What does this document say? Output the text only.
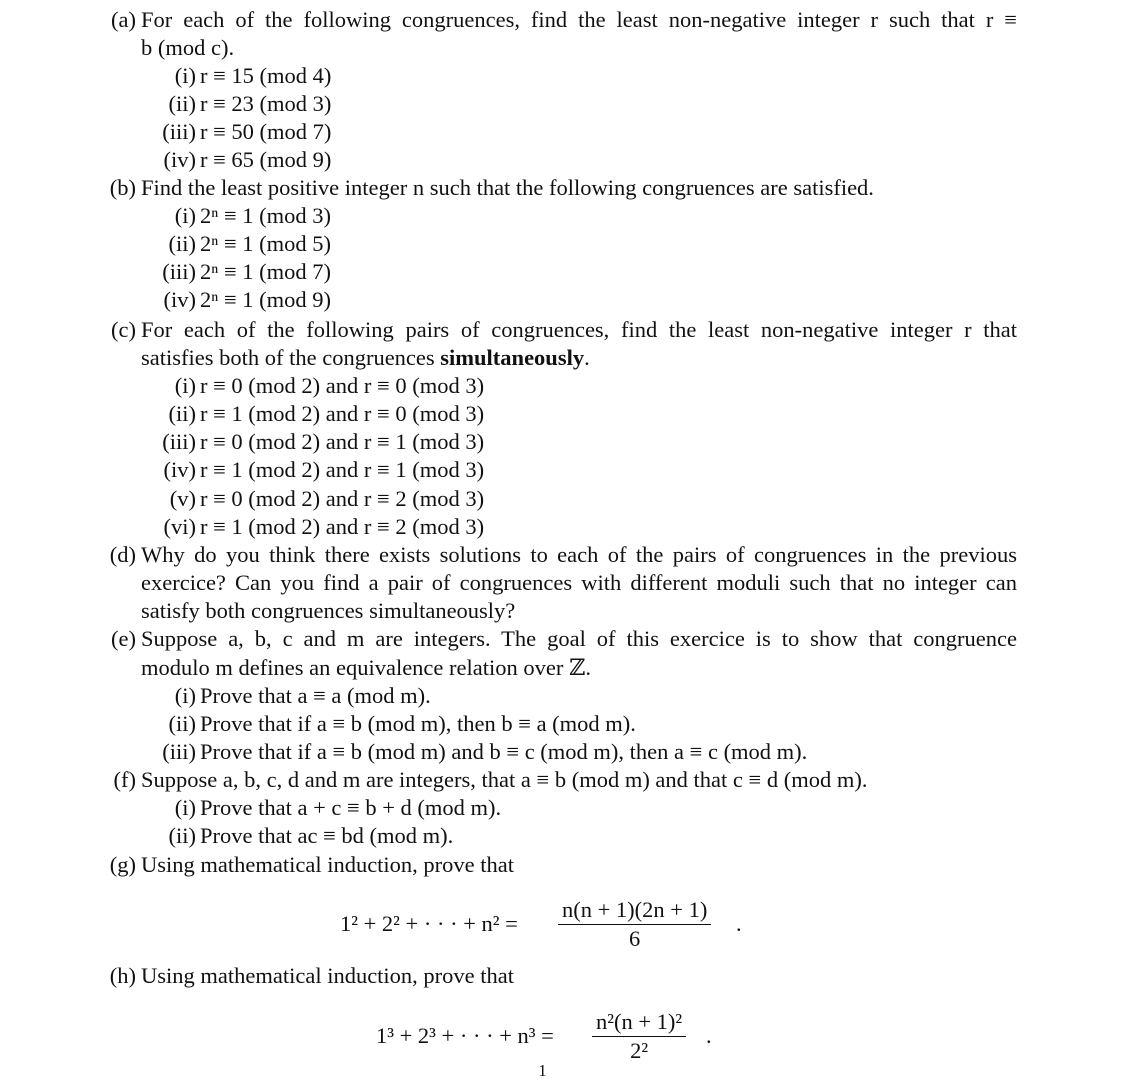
(a) For each of the following congruences, find the least non-negative integer r such that r ≡
b (mod c).
(i) r ≡ 15 (mod 4)
(ii) r ≡ 23 (mod 3)
(iii) r ≡ 50 (mod 7)
(iv) r ≡ 65 (mod 9)
(b) Find the least positive integer n such that the following congruences are satisfied.
(i) 2ⁿ ≡ 1 (mod 3)
(ii) 2ⁿ ≡ 1 (mod 5)
(iii) 2ⁿ ≡ 1 (mod 7)
(iv) 2ⁿ ≡ 1 (mod 9)
(c) For each of the following pairs of congruences, find the least non-negative integer r that
satisfies both of the congruences simultaneously.
(i) r ≡ 0 (mod 2) and r ≡ 0 (mod 3)
(ii) r ≡ 1 (mod 2) and r ≡ 0 (mod 3)
(iii) r ≡ 0 (mod 2) and r ≡ 1 (mod 3)
(iv) r ≡ 1 (mod 2) and r ≡ 1 (mod 3)
(v) r ≡ 0 (mod 2) and r ≡ 2 (mod 3)
(vi) r ≡ 1 (mod 2) and r ≡ 2 (mod 3)
(d) Why do you think there exists solutions to each of the pairs of congruences in the previous
exercice? Can you find a pair of congruences with different moduli such that no integer can
satisfy both congruences simultaneously?
(e) Suppose a, b, c and m are integers. The goal of this exercice is to show that congruence
modulo m defines an equivalence relation over ℤ.
(i) Prove that a ≡ a (mod m).
(ii) Prove that if a ≡ b (mod m), then b ≡ a (mod m).
(iii) Prove that if a ≡ b (mod m) and b ≡ c (mod m), then a ≡ c (mod m).
(f) Suppose a, b, c, d and m are integers, that a ≡ b (mod m) and that c ≡ d (mod m).
(i) Prove that a + c ≡ b + d (mod m).
(ii) Prove that ac ≡ bd (mod m).
(g) Using mathematical induction, prove that
1² + 2² + · · · + n² =
n(n + 1)(2n + 1)
6
.
(h) Using mathematical induction, prove that
1³ + 2³ + · · · + n³ =
n²(n + 1)²
2²
.
1
